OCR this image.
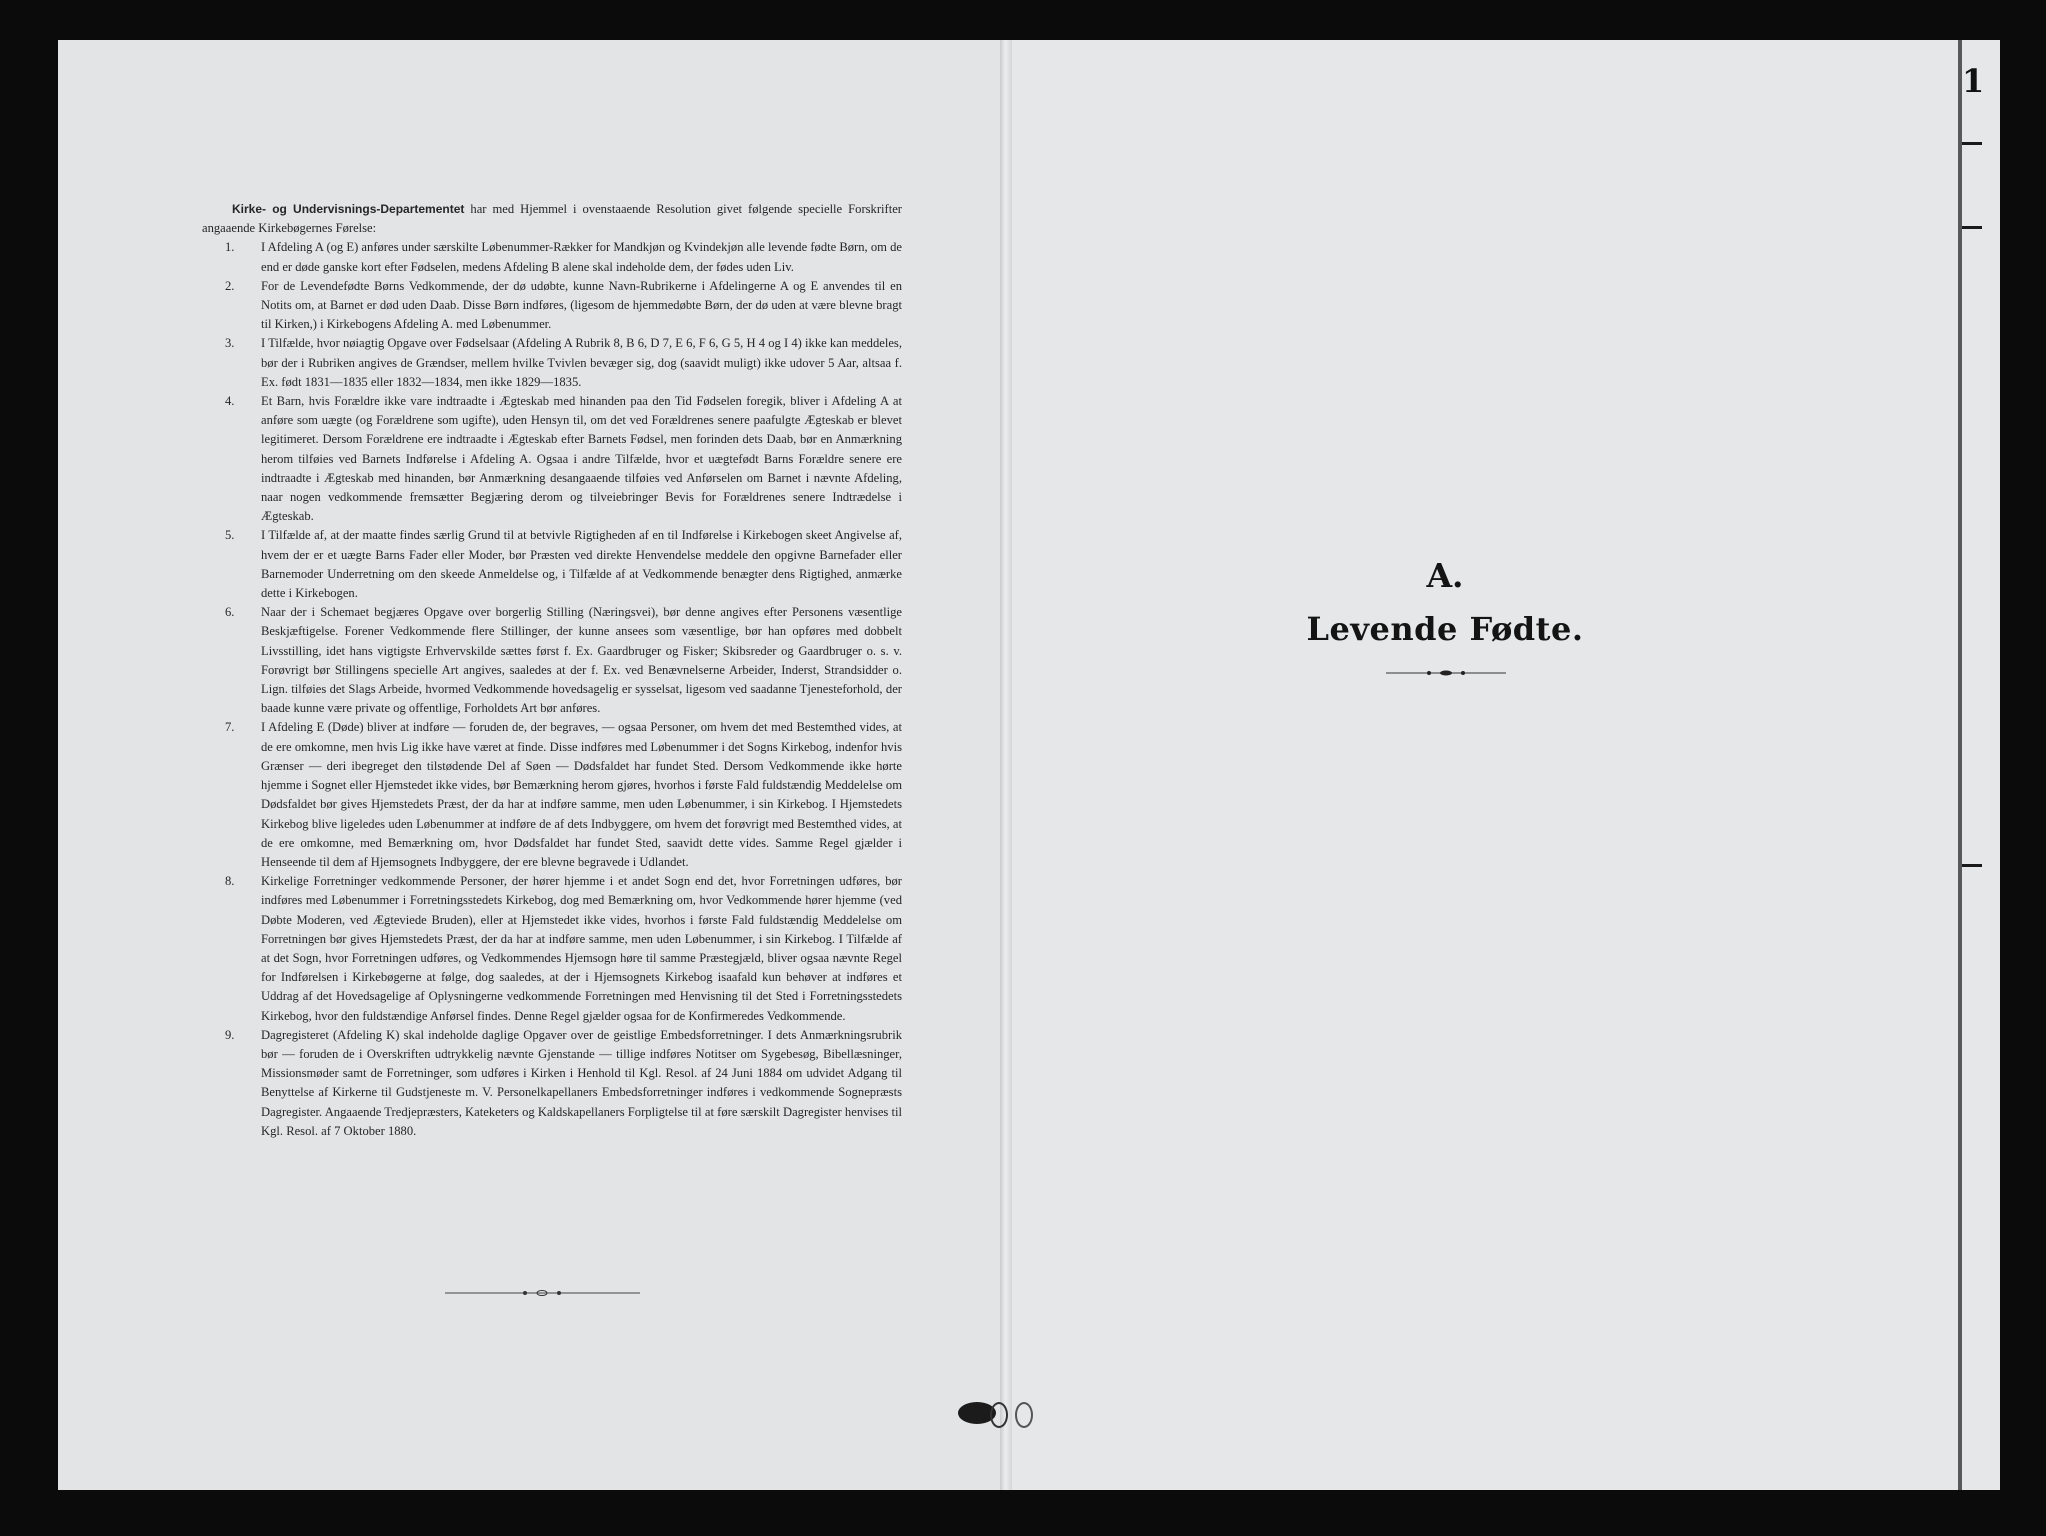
1

Kirke- og Undervisnings-Departementet har med Hjemmel i ovenstaaende Resolution givet følgende specielle Forskrifter angaaende Kirkebøgernes Førelse:

1.	I Afdeling A (og E) anføres under særskilte Løbenummer-Rækker for Mandkjøn og Kvindekjøn alle levende fødte Børn, om de end er døde ganske kort efter Fødselen, medens Afdeling B alene skal indeholde dem, der fødes uden Liv.
2.	For de Levendefødte Børns Vedkommende, der dø udøbte, kunne Navn-Rubrikerne i Afdelingerne A og E anvendes til en Notits om, at Barnet er død uden Daab. Disse Børn indføres, (ligesom de hjemmedøbte Børn, der dø uden at være blevne bragt til Kirken,) i Kirkebogens Afdeling A. med Løbenummer.
3.	I Tilfælde, hvor nøiagtig Opgave over Fødselsaar (Afdeling A Rubrik 8, B 6, D 7, E 6, F 6, G 5, H 4 og I 4) ikke kan meddeles, bør der i Rubriken angives de Grændser, mellem hvilke Tvivlen bevæger sig, dog (saavidt muligt) ikke udover 5 Aar, altsaa f. Ex. født 1831—1835 eller 1832—1834, men ikke 1829—1835.
4.	Et Barn, hvis Forældre ikke vare indtraadte i Ægteskab med hinanden paa den Tid Fødselen foregik, bliver i Afdeling A at anføre som uægte (og Forældrene som ugifte), uden Hensyn til, om det ved Forældrenes senere paafulgte Ægteskab er blevet legitimeret. Dersom Forældrene ere indtraadte i Ægteskab efter Barnets Fødsel, men forinden dets Daab, bør en Anmærkning herom tilføies ved Barnets Indførelse i Afdeling A. Ogsaa i andre Tilfælde, hvor et uægtefødt Barns Forældre senere ere indtraadte i Ægteskab med hinanden, bør Anmærkning desangaaende tilføies ved Anførselen om Barnet i nævnte Afdeling, naar nogen vedkommende fremsætter Begjæring derom og tilveiebringer Bevis for Forældrenes senere Indtrædelse i Ægteskab.
5.	I Tilfælde af, at der maatte findes særlig Grund til at betvivle Rigtigheden af en til Indførelse i Kirkebogen skeet Angivelse af, hvem der er et uægte Barns Fader eller Moder, bør Præsten ved direkte Henvendelse meddele den opgivne Barnefader eller Barnemoder Underretning om den skeede Anmeldelse og, i Tilfælde af at Vedkommende benægter dens Rigtighed, anmærke dette i Kirkebogen.
6.	Naar der i Schemaet begjæres Opgave over borgerlig Stilling (Næringsvei), bør denne angives efter Personens væsentlige Beskjæftigelse. Forener Vedkommende flere Stillinger, der kunne ansees som væsentlige, bør han opføres med dobbelt Livsstilling, idet hans vigtigste Erhvervskilde sættes først f. Ex. Gaardbruger og Fisker; Skibsreder og Gaardbruger o. s. v. Forøvrigt bør Stillingens specielle Art angives, saaledes at der f. Ex. ved Benævnelserne Arbeider, Inderst, Strandsidder o. Lign. tilføies det Slags Arbeide, hvormed Vedkommende hovedsagelig er sysselsat, ligesom ved saadanne Tjenesteforhold, der baade kunne være private og offentlige, Forholdets Art bør anføres.
7.	I Afdeling E (Døde) bliver at indføre — foruden de, der begraves, — ogsaa Personer, om hvem det med Bestemthed vides, at de ere omkomne, men hvis Lig ikke have været at finde. Disse indføres med Løbenummer i det Sogns Kirkebog, indenfor hvis Grænser — deri ibegreget den tilstødende Del af Søen — Dødsfaldet har fundet Sted. Dersom Vedkommende ikke hørte hjemme i Sognet eller Hjemstedet ikke vides, bør Bemærkning herom gjøres, hvorhos i første Fald fuldstændig Meddelelse om Dødsfaldet bør gives Hjemstedets Præst, der da har at indføre samme, men uden Løbenummer, i sin Kirkebog. I Hjemstedets Kirkebog blive ligeledes uden Løbenummer at indføre de af dets Indbyggere, om hvem det forøvrigt med Bestemthed vides, at de ere omkomne, med Bemærkning om, hvor Dødsfaldet har fundet Sted, saavidt dette vides. Samme Regel gjælder i Henseende til dem af Hjemsognets Indbyggere, der ere blevne begravede i Udlandet.
8.	Kirkelige Forretninger vedkommende Personer, der hører hjemme i et andet Sogn end det, hvor Forretningen udføres, bør indføres med Løbenummer i Forretningsstedets Kirkebog, dog med Bemærkning om, hvor Vedkommende hører hjemme (ved Døbte Moderen, ved Ægteviede Bruden), eller at Hjemstedet ikke vides, hvorhos i første Fald fuldstændig Meddelelse om Forretningen bør gives Hjemstedets Præst, der da har at indføre samme, men uden Løbenummer, i sin Kirkebog. I Tilfælde af at det Sogn, hvor Forretningen udføres, og Vedkommendes Hjemsogn høre til samme Præstegjæld, bliver ogsaa nævnte Regel for Indførelsen i Kirkebøgerne at følge, dog saaledes, at der i Hjemsognets Kirkebog isaafald kun behøver at indføres et Uddrag af det Hovedsagelige af Oplysningerne vedkommende Forretningen med Henvisning til det Sted i Forretningsstedets Kirkebog, hvor den fuldstændige Anførsel findes. Denne Regel gjælder ogsaa for de Konfirmeredes Vedkommende.
9.	Dagregisteret (Afdeling K) skal indeholde daglige Opgaver over de geistlige Embedsforretninger. I dets Anmærkningsrubrik bør — foruden de i Overskriften udtrykkelig nævnte Gjenstande — tillige indføres Notitser om Sygebesøg, Bibellæsninger, Missionsmøder samt de Forretninger, som udføres i Kirken i Henhold til Kgl. Resol. af 24 Juni 1884 om udvidet Adgang til Benyttelse af Kirkerne til Gudstjeneste m. V. Personelkapellaners Embedsforretninger indføres i vedkommende Sognepræsts Dagregister. Angaaende Tredjepræsters, Kateketers og Kaldskapellaners Forpligtelse til at føre særskilt Dagregister henvises til Kgl. Resol. af 7 Oktober 1880.
A.
Levende Fødte.
